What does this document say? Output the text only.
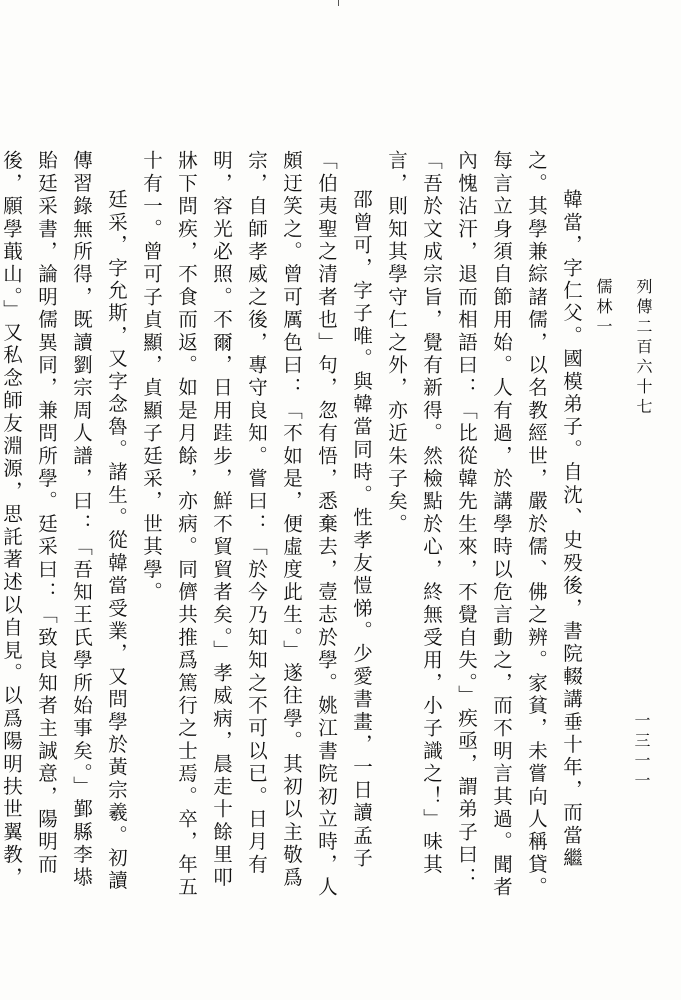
韓當，字仁父。國模弟子。自沈、史殁後，書院輟講垂十年，而當繼之。其學兼綜諸儒，以名教經世，嚴於儒、佛之辨。家貧，未嘗向人稱貸。每言立身須自節用始。人有過，於講學時以危言動之，而不明言其過。聞者內愧沾汗，退而相語曰：「比從韓先生來，不覺自失。」疾亟，謂弟子曰：「吾於文成宗旨，覺有新得。然檢點於心，終無受用，小子識之！」味其言，則知其學守仁之外，亦近朱子矣。

邵曾可，字子唯。與韓當同時。性孝友愷悌。少愛書畫，一日讀孟子「伯夷聖之清者也」句，忽有悟，悉棄去，壹志於學。姚江書院初立時，人頗迂笑之。曾可厲色曰：「不如是，便虛度此生。」遂往學。其初以主敬爲宗，自師孝威之後，專守良知。嘗曰：「於今乃知知之不可以已。日月有明，容光必照。不爾，日用跬步，鮮不貿貿者矣。」孝威病，晨走十餘里叩牀下問疾，不食而返。如是月餘，亦病。同儕共推爲篤行之士焉。卒，年五十有一。曾可子貞顯，貞顯子廷采，世其學。

廷采，字允斯，又字念魯。諸生。從韓當受業，又問學於黃宗羲。初讀傳習錄無所得，既讀劉宗周人譜，曰：「吾知王氏學所始事矣。」鄞縣李塨貽廷采書，論明儒異同，兼問所學。廷采曰：「致良知者主誠意，陽明而後，願學蕺山。」又私念師友淵源，思託著述以自見。以爲陽明扶世翼教，

列傳二百六十七
儒林一
一三一一
